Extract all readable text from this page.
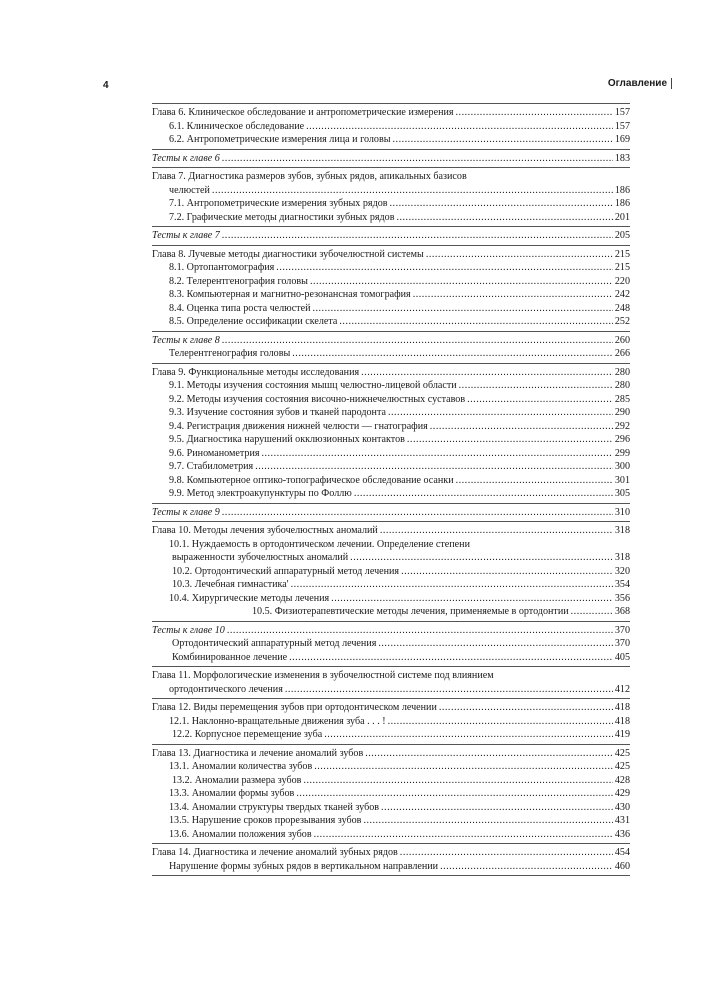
4	Оглавление
Глава 6. Клиническое обследование и антропометрические измерения .....	157
6.1. Клиническое обследование .....	157
6.2. Антропометрические измерения лица и головы .....	169
Тесты к главе 6 .....	183
Глава 7. Диагностика размеров зубов, зубных рядов, апикальных базисов
челюстей .....	186
7.1. Антропометрические измерения зубных рядов .....	186
7.2. Графические методы диагностики зубных рядов .....	201
Тесты к главе 7 .....	205
Глава 8. Лучевые методы диагностики зубочелюстной системы .....	215
8.1. Ортопантомография .....	215
8.2. Телерентгенография головы .....	220
8.3. Компьютерная и магнитно-резонансная томография .....	242
8.4. Оценка типа роста челюстей .....	248
8.5. Определение оссификации скелета .....	252
Тесты к главе 8 .....	260
Телерентгенография головы .....	266
Глава 9. Функциональные методы исследования .....	280
9.1. Методы изучения состояния мышц челюстно-лицевой области .....	280
9.2. Методы изучения состояния височно-нижнечелюстных суставов .....	285
9.3. Изучение состояния зубов и тканей пародонта .....	290
9.4. Регистрация движения нижней челюсти — гнатография .....	292
9.5. Диагностика нарушений окклюзионных контактов .....	296
9.6. Риноманометрия .....	299
9.7. Стабилометрия .....	300
9.8. Компьютерное оптико-топографическое обследование осанки .....	301
9.9. Метод электроакупунктуры по Фоллю .....	305
Тесты к главе 9 .....	310
Глава 10. Методы лечения зубочелюстных аномалий .....	318
10.1. Нуждаемость в ортодонтическом лечении. Определение степени
выраженности зубочелюстных аномалий .....	318
10.2. Ортодонтический аппаратурный метод лечения .....	320
10.3. Лечебная гимнастика' .....	354
10.4. Хирургические методы лечения .....	356
10.5. Физиотерапевтические методы лечения, применяемые в ортодонтии .....	368
Тесты к главе 10 .....	370
Ортодонтический аппаратурный метод лечения .....	370
Комбинированное лечение .....	405
Глава 11. Морфологические изменения в зубочелюстной системе под влиянием
ортодонтического лечения .....	412
Глава 12. Виды перемещения зубов при ортодонтическом лечении .....	418
12.1. Наклонно-вращательные движения зуба . . . ! .....	418
12.2. Корпусное перемещение зуба .....	419
Глава 13. Диагностика и лечение аномалий зубов .....	425
13.1. Аномалии количества зубов .....	425
13.2. Аномалии размера зубов .....	428
13.3. Аномалии формы зубов .....	429
13.4. Аномалии структуры твердых тканей зубов .....	430
13.5. Нарушение сроков прорезывания зубов .....	431
13.6. Аномалии положения зубов .....	436
Глава 14. Диагностика и лечение аномалий зубных рядов .....	454
Нарушение формы зубных рядов в вертикальном направлении .....	460
